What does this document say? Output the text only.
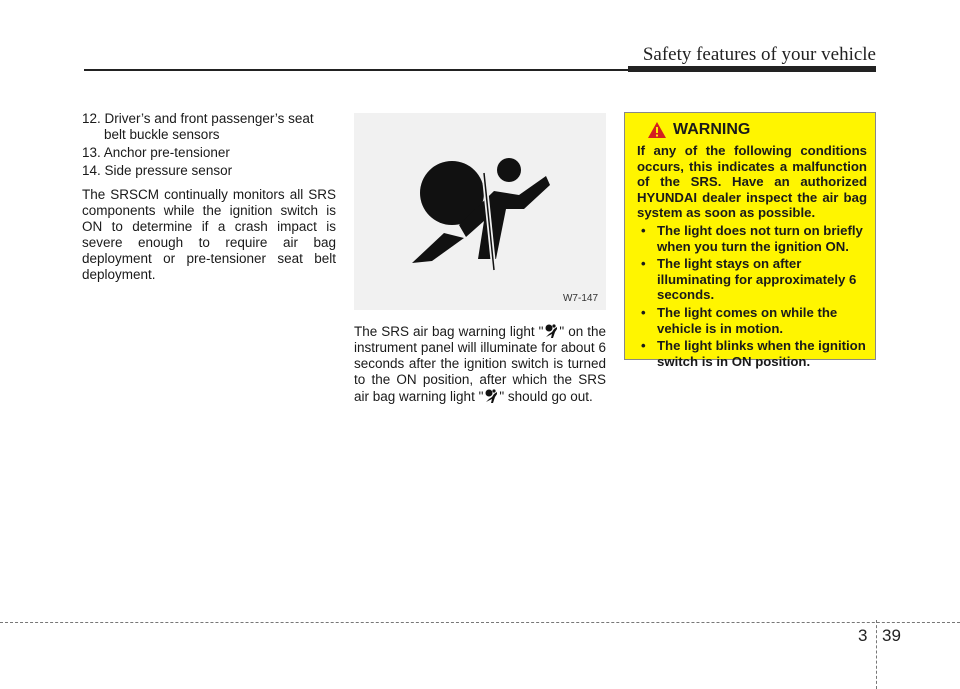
Safety features of your vehicle
12. Driver’s and front passenger’s seat belt buckle sensors
13. Anchor pre-tensioner
14. Side pressure sensor
The SRSCM continually monitors all SRS components while the ignition switch is ON to determine if a crash impact is severe enough to require air bag deployment or pre-tensioner seat belt deployment.
W7-147
The SRS air bag warning light " " on the instrument panel will illuminate for about 6 seconds after the ignition switch is turned to the ON position, after which the SRS air bag warning light " " should go out.
WARNING

If any of the following conditions occurs, this indicates a malfunction of the SRS. Have an authorized HYUNDAI dealer inspect the air bag system as soon as possible.

• The light does not turn on briefly when you turn the ignition ON.
• The light stays on after illuminating for approximately 6 seconds.
• The light comes on while the vehicle is in motion.
• The light blinks when the ignition switch is in ON position.
3 39
